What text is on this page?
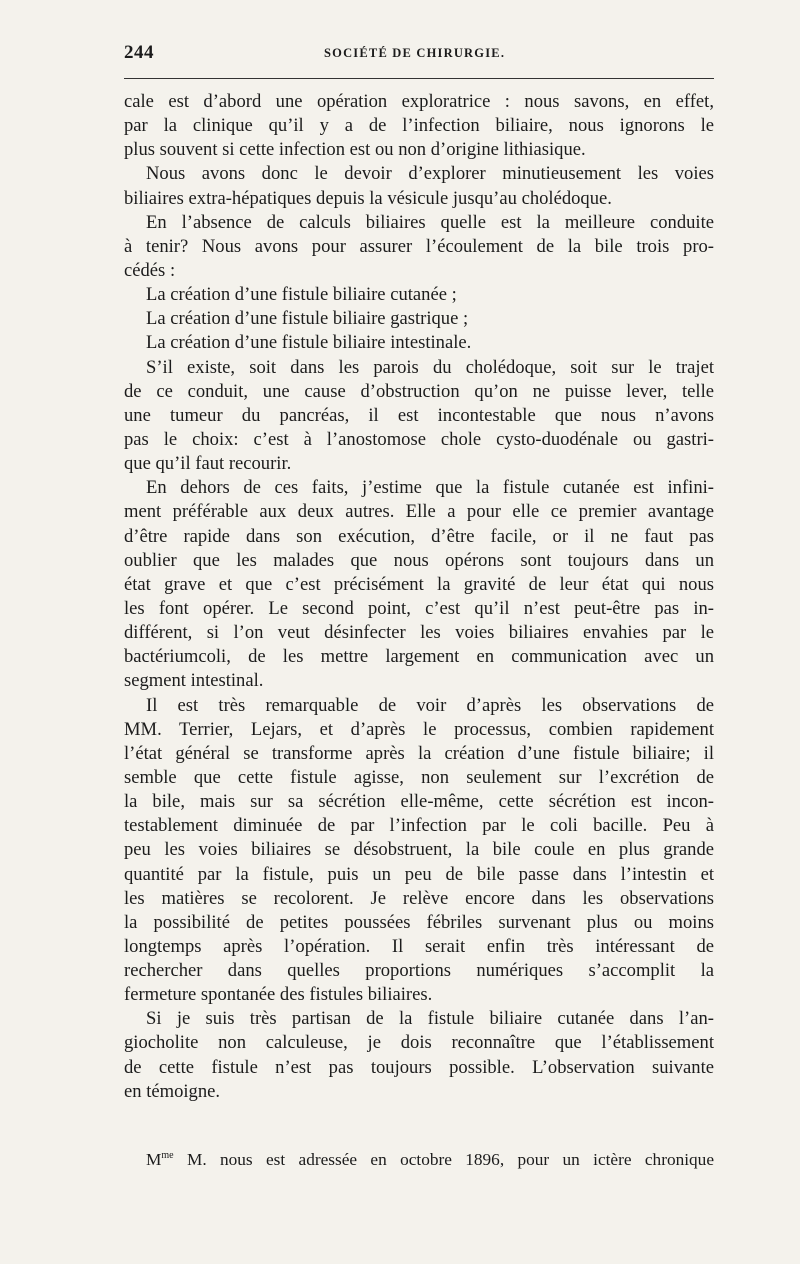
244	SOCIÉTÉ DE CHIRURGIE.
cale est d’abord une opération exploratrice : nous savons, en effet,
par la clinique qu’il y a de l’infection biliaire, nous ignorons le
plus souvent si cette infection est ou non d’origine lithiasique.
Nous avons donc le devoir d’explorer minutieusement les voies
biliaires extra-hépatiques depuis la vésicule jusqu’au cholédoque.
En l’absence de calculs biliaires quelle est la meilleure conduite
à tenir? Nous avons pour assurer l’écoulement de la bile trois pro-
cédés :
La création d’une fistule biliaire cutanée ;
La création d’une fistule biliaire gastrique ;
La création d’une fistule biliaire intestinale.
S’il existe, soit dans les parois du cholédoque, soit sur le trajet
de ce conduit, une cause d’obstruction qu’on ne puisse lever, telle
une tumeur du pancréas, il est incontestable que nous n’avons
pas le choix: c’est à l’anostomose chole cysto-duodénale ou gastri-
que qu’il faut recourir.
En dehors de ces faits, j’estime que la fistule cutanée est infini-
ment préférable aux deux autres. Elle a pour elle ce premier avantage
d’être rapide dans son exécution, d’être facile, or il ne faut pas
oublier que les malades que nous opérons sont toujours dans un
état grave et que c’est précisément la gravité de leur état qui nous
les font opérer. Le second point, c’est qu’il n’est peut-être pas in-
différent, si l’on veut désinfecter les voies biliaires envahies par le
bactériumcoli, de les mettre largement en communication avec un
segment intestinal.
Il est très remarquable de voir d’après les observations de
MM. Terrier, Lejars, et d’après le processus, combien rapidement
l’état général se transforme après la création d’une fistule biliaire; il
semble que cette fistule agisse, non seulement sur l’excrétion de
la bile, mais sur sa sécrétion elle-même, cette sécrétion est incon-
testablement diminuée de par l’infection par le coli bacille. Peu à
peu les voies biliaires se désobstruent, la bile coule en plus grande
quantité par la fistule, puis un peu de bile passe dans l’intestin et
les matières se recolorent. Je relève encore dans les observations
la possibilité de petites poussées fébriles survenant plus ou moins
longtemps après l’opération. Il serait enfin très intéressant de
rechercher dans quelles proportions numériques s’accomplit la
fermeture spontanée des fistules biliaires.
Si je suis très partisan de la fistule biliaire cutanée dans l’an-
giocholite non calculeuse, je dois reconnaître que l’établissement
de cette fistule n’est pas toujours possible. L’observation suivante
en témoigne.
$M^{me}$ M. nous est adressée en octobre 1896, pour un ictère chronique
